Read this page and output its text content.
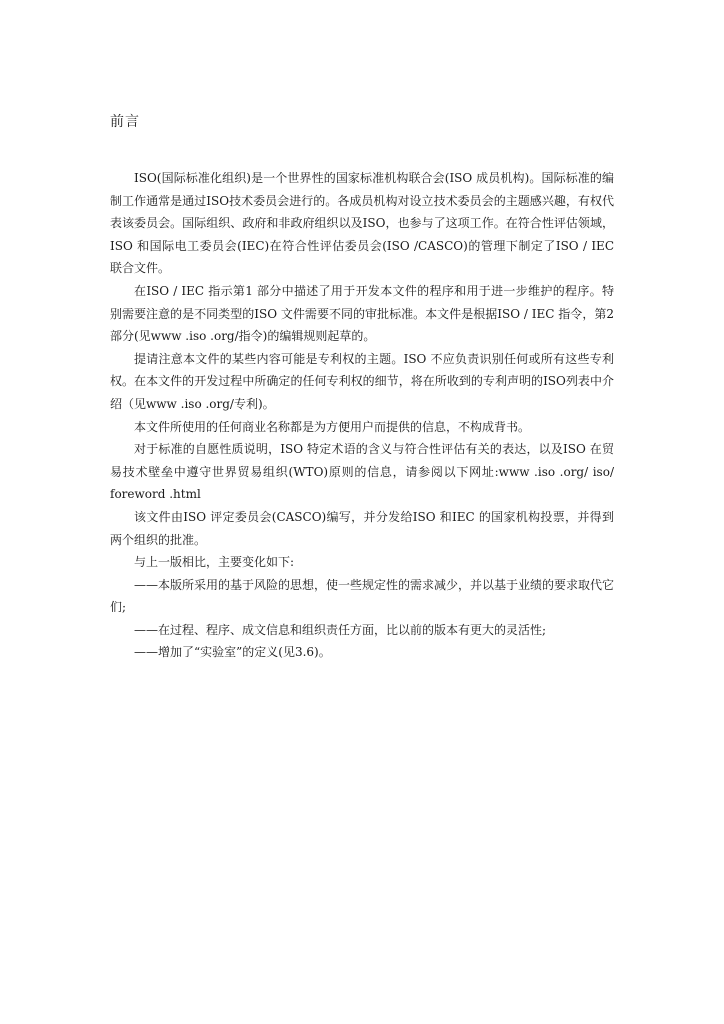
前言

ISO(国际标准化组织)是一个世界性的国家标准机构联合会(ISO 成员机构)。国际标准的编制工作通常是通过ISO技术委员会进行的。各成员机构对设立技术委员会的主题感兴趣，有权代表该委员会。国际组织、政府和非政府组织以及ISO，也参与了这项工作。在符合性评估领域，ISO 和国际电工委员会(IEC)在符合性评估委员会(ISO /CASCO)的管理下制定了ISO / IEC 联合文件。

在ISO / IEC 指示第1 部分中描述了用于开发本文件的程序和用于进一步维护的程序。特别需要注意的是不同类型的ISO 文件需要不同的审批标准。本文件是根据ISO / IEC 指令，第2 部分(见www .iso .org/指令)的编辑规则起草的。

提请注意本文件的某些内容可能是专利权的主题。ISO 不应负责识别任何或所有这些专利权。在本文件的开发过程中所确定的任何专利权的细节，将在所收到的专利声明的ISO列表中介绍（见www .iso .org/专利)。

本文件所使用的任何商业名称都是为方便用户而提供的信息，不构成背书。

对于标准的自愿性质说明，ISO 特定术语的含义与符合性评估有关的表达，以及ISO 在贸易技术壁垒中遵守世界贸易组织(WTO)原则的信息，请参阅以下网址:www .iso .org/ iso/ foreword .html

该文件由ISO 评定委员会(CASCO)编写，并分发给ISO 和IEC 的国家机构投票，并得到两个组织的批准。

与上一版相比，主要变化如下:

——本版所采用的基于风险的思想，使一些规定性的需求减少，并以基于业绩的要求取代它们;

——在过程、程序、成文信息和组织责任方面，比以前的版本有更大的灵活性;

——增加了“实验室”的定义(见3.6)。
